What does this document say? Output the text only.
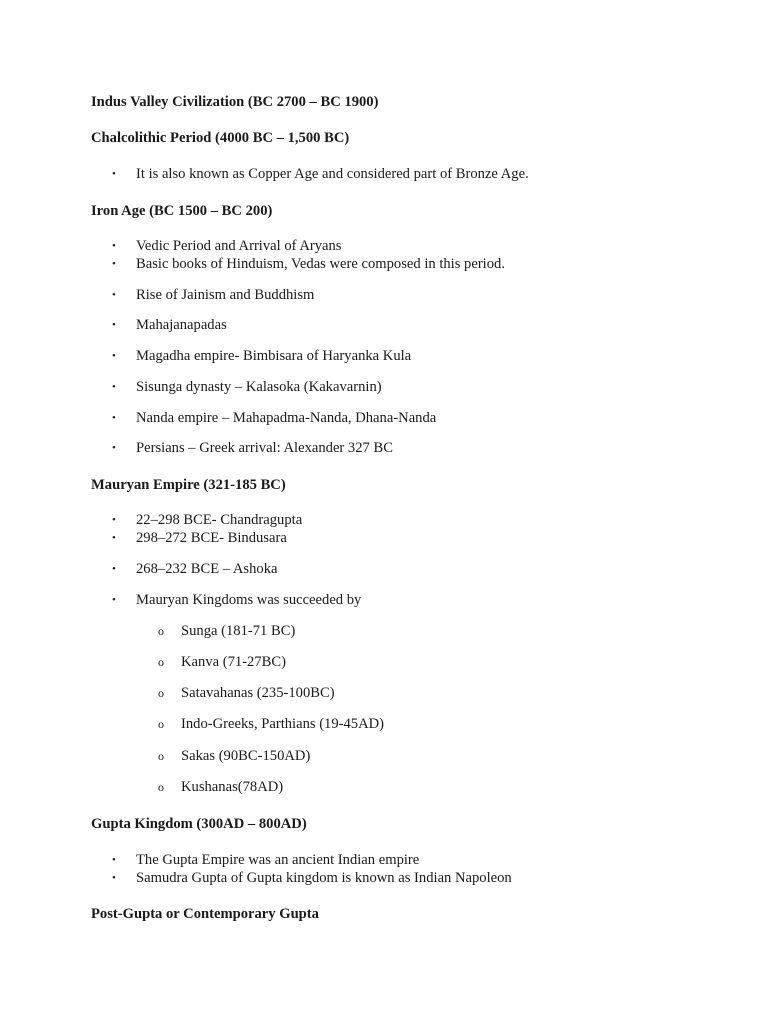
Indus Valley Civilization (BC 2700 – BC 1900)
Chalcolithic Period (4000 BC – 1,500 BC)
• It is also known as Copper Age and considered part of Bronze Age.
Iron Age (BC 1500 – BC 200)
• Vedic Period and Arrival of Aryans
• Basic books of Hinduism, Vedas were composed in this period.
• Rise of Jainism and Buddhism
• Mahajanapadas
• Magadha empire- Bimbisara of Haryanka Kula
• Sisunga dynasty – Kalasoka (Kakavarnin)
• Nanda empire – Mahapadma-Nanda, Dhana-Nanda
• Persians – Greek arrival: Alexander 327 BC
Mauryan Empire (321-185 BC)
• 22–298 BCE- Chandragupta
• 298–272 BCE- Bindusara
• 268–232 BCE – Ashoka
• Mauryan Kingdoms was succeeded by
o Sunga (181-71 BC)
o Kanva (71-27BC)
o Satavahanas (235-100BC)
o Indo-Greeks, Parthians (19-45AD)
o Sakas (90BC-150AD)
o Kushanas(78AD)
Gupta Kingdom (300AD – 800AD)
• The Gupta Empire was an ancient Indian empire
• Samudra Gupta of Gupta kingdom is known as Indian Napoleon
Post-Gupta or Contemporary Gupta
